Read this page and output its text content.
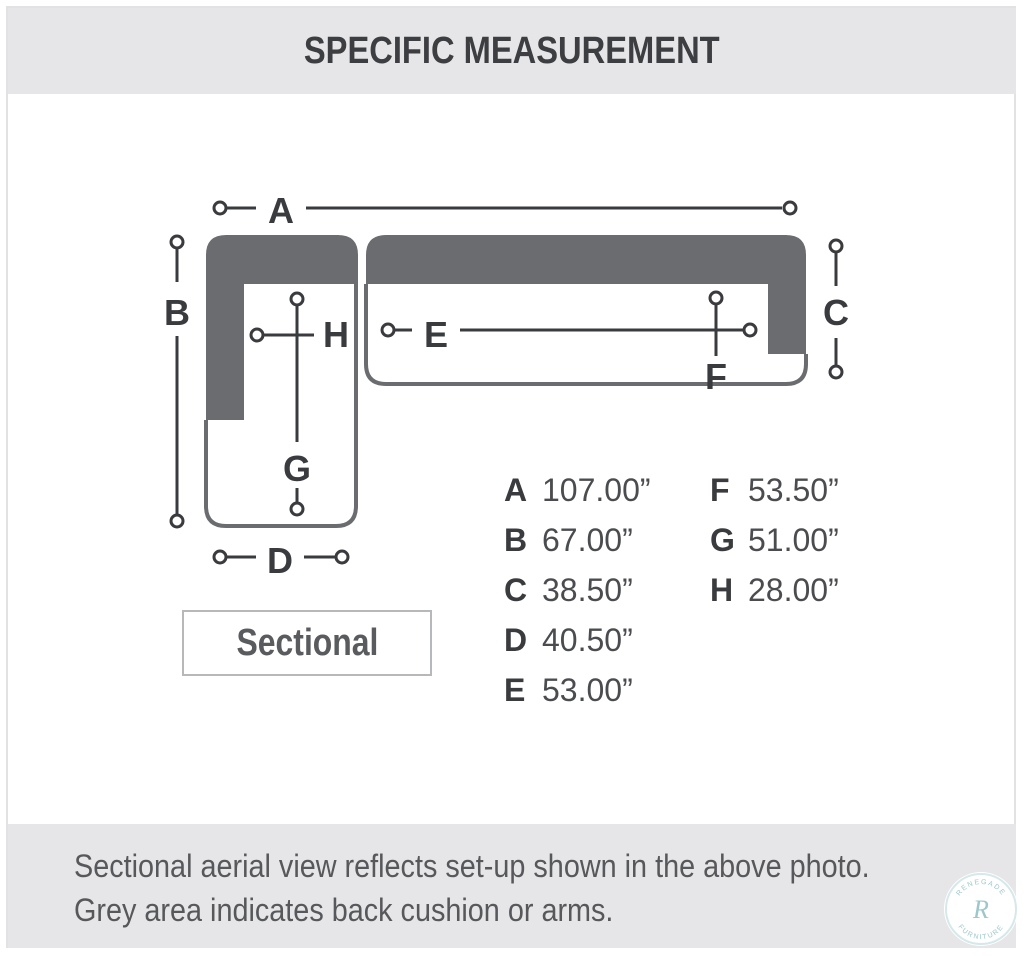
SPECIFIC MEASUREMENT
A
B	C
D
E
F
G
H
A 107.00”
B 67.00”
C 38.50”
D 40.50”
E 53.00”
F 53.50”
G 51.00”
H 28.00”
Sectional
Sectional aerial view reflects set-up shown in the above photo.
Grey area indicates back cushion or arms.	RENEGADE
FURNITURE
R
